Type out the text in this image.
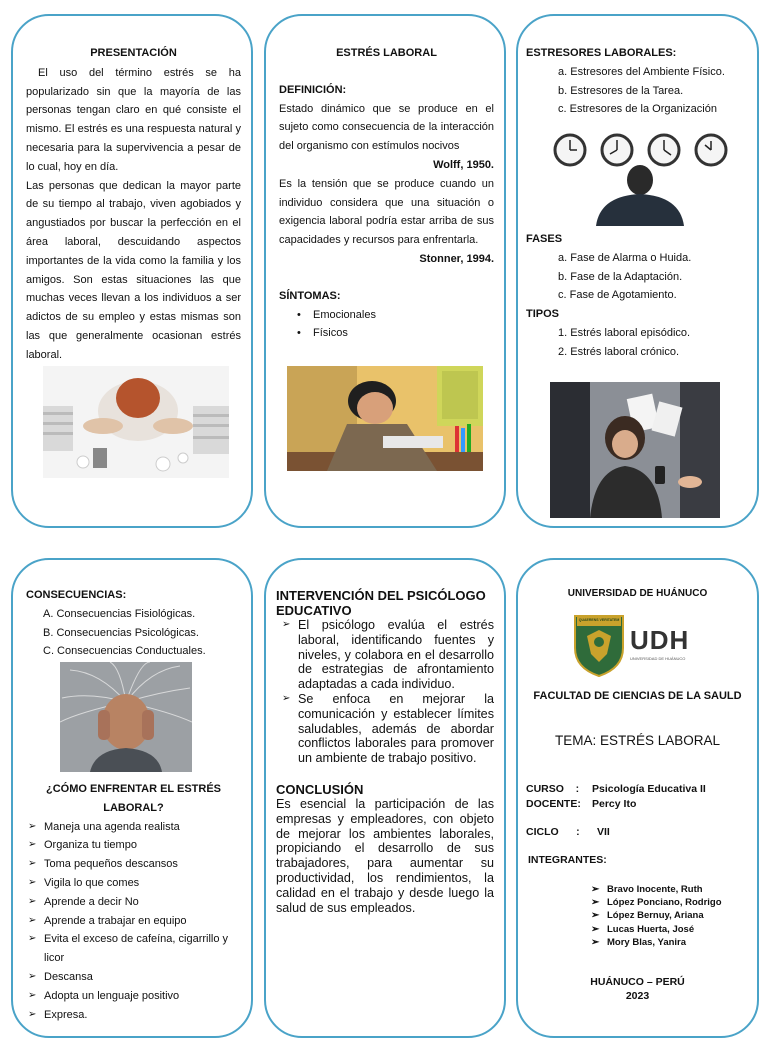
PRESENTACIÓN

El uso del término estrés se ha popularizado sin que la mayoría de las personas tengan claro en qué consiste el mismo. El estrés es una respuesta natural y necesaria para la supervivencia a pesar de lo cual, hoy en día.

Las personas que dedican la mayor parte de su tiempo al trabajo, viven agobiados y angustiados por buscar la perfección en el área laboral, descuidando aspectos importantes de la vida como la familia y los amigos. Son estas situaciones las que muchas veces llevan a los individuos a ser adictos de su empleo y estas mismas son las que generalmente ocasionan estrés laboral.

ESTRÉS LABORAL

DEFINICIÓN:

Estado dinámico que se produce en el sujeto como consecuencia de la interacción del organismo con estímulos nocivos

Wolff, 1950.

Es la tensión que se produce cuando un individuo considera que una situación o exigencia laboral podría estar arriba de sus capacidades y recursos para enfrentarla.

Stonner, 1994.

SÍNTOMAS:

• Emocionales
• Físicos

ESTRESORES LABORALES:

a. Estresores del Ambiente Físico.
b. Estresores de la Tarea.
c. Estresores de la Organización

FASES

a. Fase de Alarma o Huida.
b. Fase de la Adaptación.
c. Fase de Agotamiento.

TIPOS

1. Estrés laboral episódico.
2. Estrés laboral crónico.

CONSECUENCIAS:

A. Consecuencias Fisiológicas.
B. Consecuencias Psicológicas.
C. Consecuencias Conductuales.

¿CÓMO ENFRENTAR EL ESTRÉS LABORAL?

➢ Maneja una agenda realista
➢ Organiza tu tiempo
➢ Toma pequeños descansos
➢ Vigila lo que comes
➢ Aprende a decir No
➢ Aprende a trabajar en equipo
➢ Evita el exceso de cafeína, cigarrillo y licor
➢ Descansa
➢ Adopta un lenguaje positivo
➢ Expresa.

INTERVENCIÓN DEL PSICÓLOGO EDUCATIVO

➢ El psicólogo evalúa el estrés laboral, identificando fuentes y niveles, y colabora en el desarrollo de estrategias de afrontamiento adaptadas a cada individuo.
➢ Se enfoca en mejorar la comunicación y establecer límites saludables, además de abordar conflictos laborales para promover un ambiente de trabajo positivo.

CONCLUSIÓN

Es esencial la participación de las empresas y empleadores, con objeto de mejorar los ambientes laborales, propiciando el desarrollo de sus trabajadores, para aumentar su productividad, los rendimientos, la calidad en el trabajo y desde luego la salud de sus empleados.

UNIVERSIDAD DE HUÁNUCO

QUAERENS VERITATEM
UDH
UNIVERSIDAD DE HUÁNUCO

FACULTAD DE CIENCIAS DE LA SAULD

TEMA: ESTRÉS LABORAL

CURSO    : Psicología Educativa II
DOCENTE: Percy Ito
CICLO      : VII
INTEGRANTES:
➢ Bravo Inocente, Ruth
➢ López Ponciano, Rodrigo
➢ López Bernuy, Ariana
➢ Lucas Huerta, José
➢ Mory Blas, Yanira
HUÁNUCO – PERÚ
2023
